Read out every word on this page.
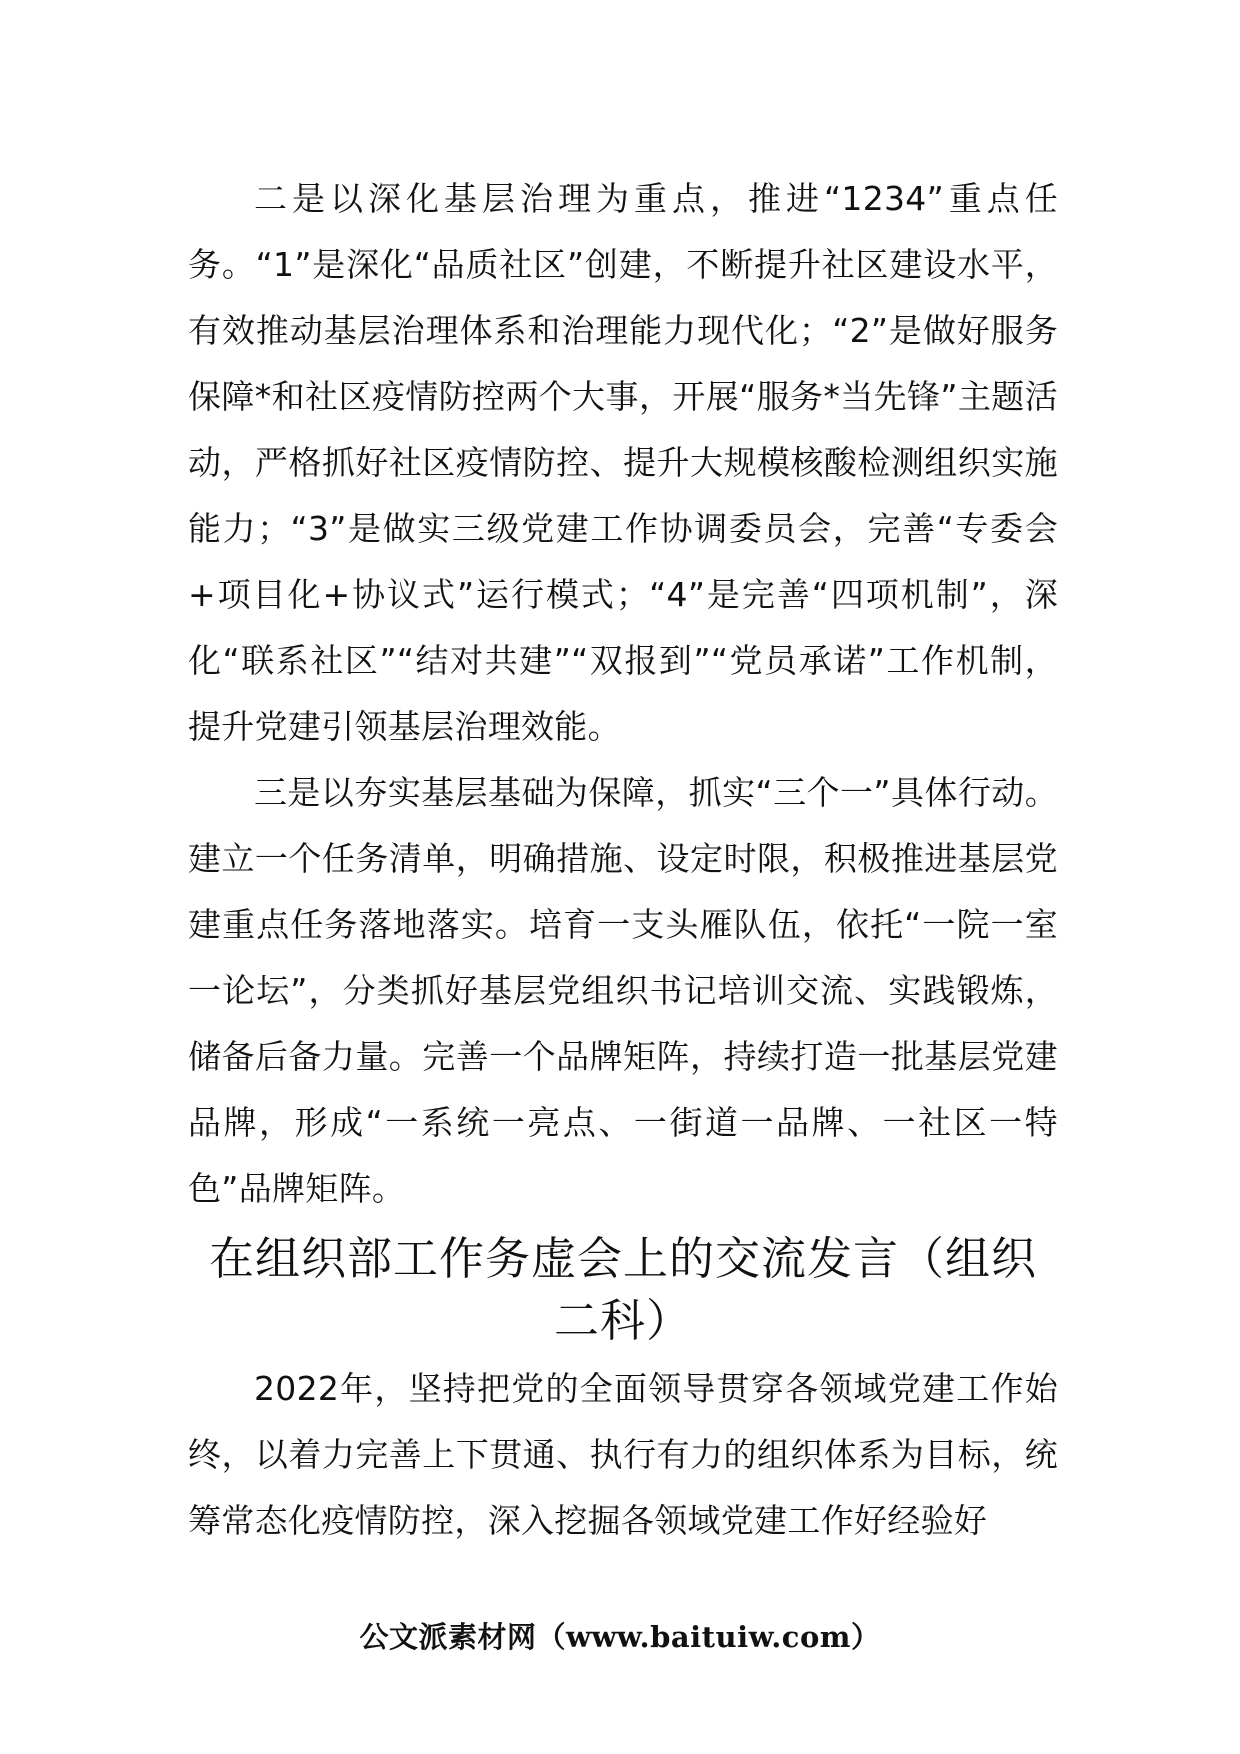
二是以深化基层治理为重点，推进“1234”重点任务。“1”是深化“品质社区”创建，不断提升社区建设水平，有效推动基层治理体系和治理能力现代化；“2”是做好服务保障*和社区疫情防控两个大事，开展“服务*当先锋”主题活动，严格抓好社区疫情防控、提升大规模核酸检测组织实施能力；“3”是做实三级党建工作协调委员会，完善“专委会+项目化+协议式”运行模式；“4”是完善“四项机制”，深化“联系社区”“结对共建”“双报到”“党员承诺”工作机制，提升党建引领基层治理效能。

三是以夯实基层基础为保障，抓实“三个一”具体行动。建立一个任务清单，明确措施、设定时限，积极推进基层党建重点任务落地落实。培育一支头雁队伍，依托“一院一室一论坛”，分类抓好基层党组织书记培训交流、实践锻炼，储备后备力量。完善一个品牌矩阵，持续打造一批基层党建品牌，形成“一系统一亮点、一街道一品牌、一社区一特色”品牌矩阵。

在组织部工作务虚会上的交流发言（组织二科）

2022年，坚持把党的全面领导贯穿各领域党建工作始终，以着力完善上下贯通、执行有力的组织体系为目标，统筹常态化疫情防控，深入挖掘各领域党建工作好经验好

公文派素材网（www.baituiw.com）
